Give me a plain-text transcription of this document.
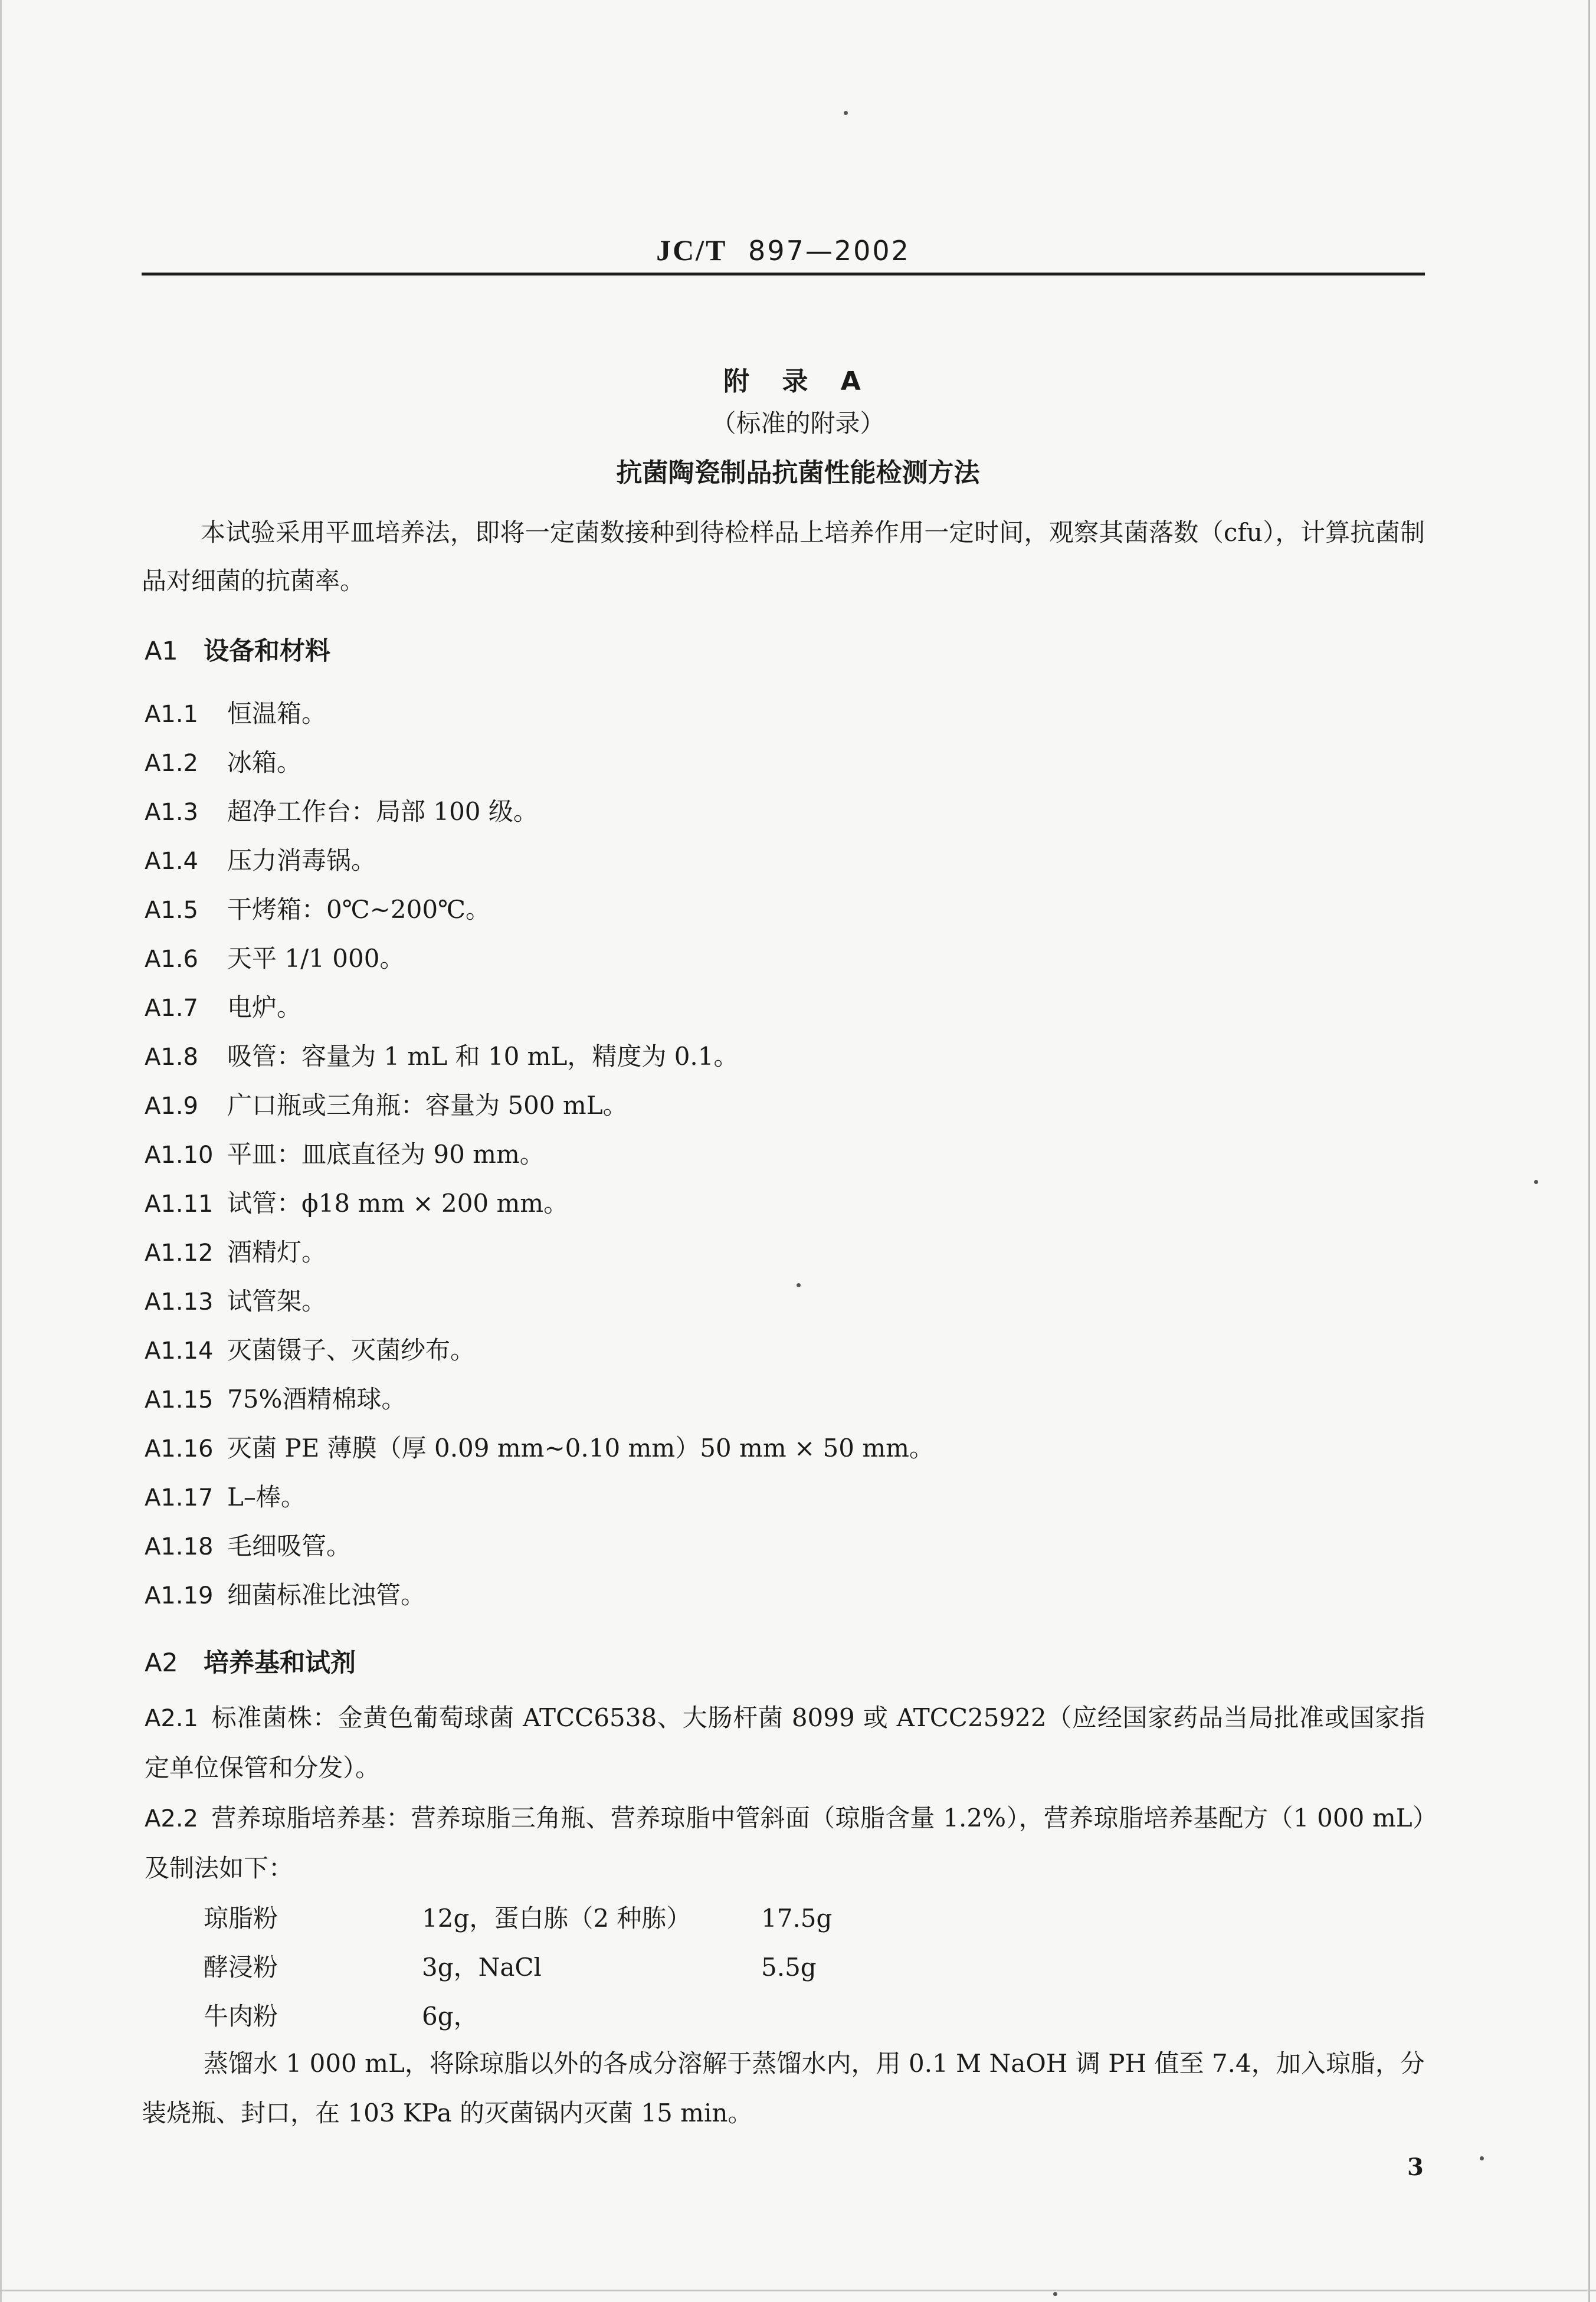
JC/T 897—2002
附 录 A
（标准的附录）
抗菌陶瓷制品抗菌性能检测方法
本试验采用平皿培养法，即将一定菌数接种到待检样品上培养作用一定时间，观察其菌落数（cfu），计算抗菌制品对细菌的抗菌率。
A1 设备和材料
A1.1 恒温箱。
A1.2 冰箱。
A1.3 超净工作台：局部 100 级。
A1.4 压力消毒锅。
A1.5 干烤箱：0℃~200℃。
A1.6 天平 1/1 000。
A1.7 电炉。
A1.8 吸管：容量为 1 mL 和 10 mL，精度为 0.1。
A1.9 广口瓶或三角瓶：容量为 500 mL。
A1.10 平皿：皿底直径为 90 mm。
A1.11 试管：ϕ18 mm × 200 mm。
A1.12 酒精灯。
A1.13 试管架。
A1.14 灭菌镊子、灭菌纱布。
A1.15 75%酒精棉球。
A1.16 灭菌 PE 薄膜（厚 0.09 mm~0.10 mm）50 mm × 50 mm。
A1.17 L–棒。
A1.18 毛细吸管。
A1.19 细菌标准比浊管。
A2 培养基和试剂
A2.1 标准菌株：金黄色葡萄球菌 ATCC6538、大肠杆菌 8099 或 ATCC25922（应经国家药品当局批准或国家指定单位保管和分发）。
A2.2 营养琼脂培养基：营养琼脂三角瓶、营养琼脂中管斜面（琼脂含量 1.2%），营养琼脂培养基配方（1 000 mL）及制法如下：
琼脂粉	12g，蛋白胨（2 种胨）	17.5g
酵浸粉	3g，NaCl	5.5g
牛肉粉	6g，
蒸馏水 1 000 mL，将除琼脂以外的各成分溶解于蒸馏水内，用 0.1 M NaOH 调 PH 值至 7.4，加入琼脂，分装烧瓶、封口，在 103 KPa 的灭菌锅内灭菌 15 min。
3
